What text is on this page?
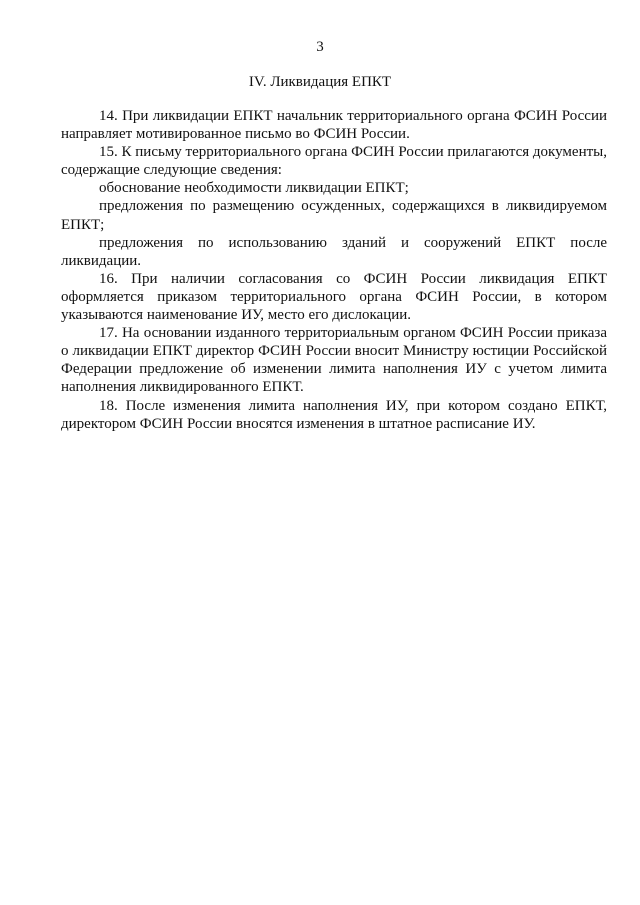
3
IV. Ликвидация ЕПКТ

14. При ликвидации ЕПКТ начальник территориального органа ФСИН России направляет мотивированное письмо во ФСИН России.

15. К письму территориального органа ФСИН России прилагаются документы, содержащие следующие сведения:

обоснование необходимости ликвидации ЕПКТ;

предложения по размещению осужденных, содержащихся в ликвидируемом ЕПКТ;

предложения по использованию зданий и сооружений ЕПКТ после ликвидации.

16. При наличии согласования со ФСИН России ликвидация ЕПКТ оформляется приказом территориального органа ФСИН России, в котором указываются наименование ИУ, место его дислокации.

17. На основании изданного территориальным органом ФСИН России приказа о ликвидации ЕПКТ директор ФСИН России вносит Министру юстиции Российской Федерации предложение об изменении лимита наполнения ИУ с учетом лимита наполнения ликвидированного ЕПКТ.

18. После изменения лимита наполнения ИУ, при котором создано ЕПКТ, директором ФСИН России вносятся изменения в штатное расписание ИУ.
